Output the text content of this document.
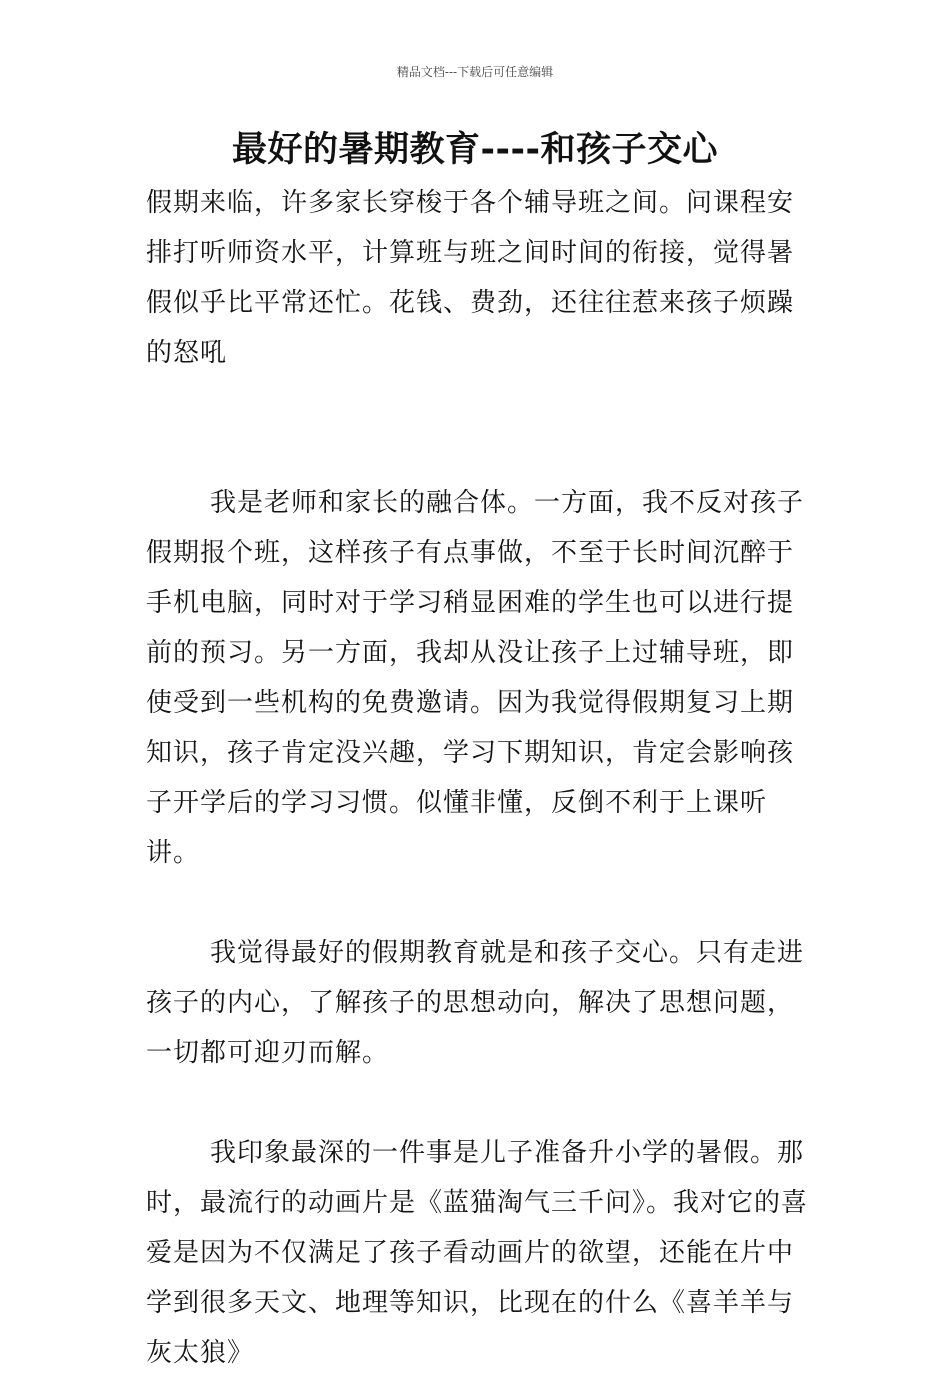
精品文档---下载后可任意编辑
最好的暑期教育----和孩子交心

假期来临，许多家长穿梭于各个辅导班之间。问课程安排打听师资水平，计算班与班之间时间的衔接，觉得暑假似乎比平常还忙。花钱、费劲，还往往惹来孩子烦躁的怒吼

我是老师和家长的融合体。一方面，我不反对孩子假期报个班，这样孩子有点事做，不至于长时间沉醉于手机电脑，同时对于学习稍显困难的学生也可以进行提前的预习。另一方面，我却从没让孩子上过辅导班，即使受到一些机构的免费邀请。因为我觉得假期复习上期知识，孩子肯定没兴趣，学习下期知识，肯定会影响孩子开学后的学习习惯。似懂非懂，反倒不利于上课听讲。

我觉得最好的假期教育就是和孩子交心。只有走进孩子的内心，了解孩子的思想动向，解决了思想问题，一切都可迎刃而解。

我印象最深的一件事是儿子准备升小学的暑假。那时，最流行的动画片是《蓝猫淘气三千问》。我对它的喜爱是因为不仅满足了孩子看动画片的欲望，还能在片中学到很多天文、地理等知识，比现在的什么《喜羊羊与灰太狼》
